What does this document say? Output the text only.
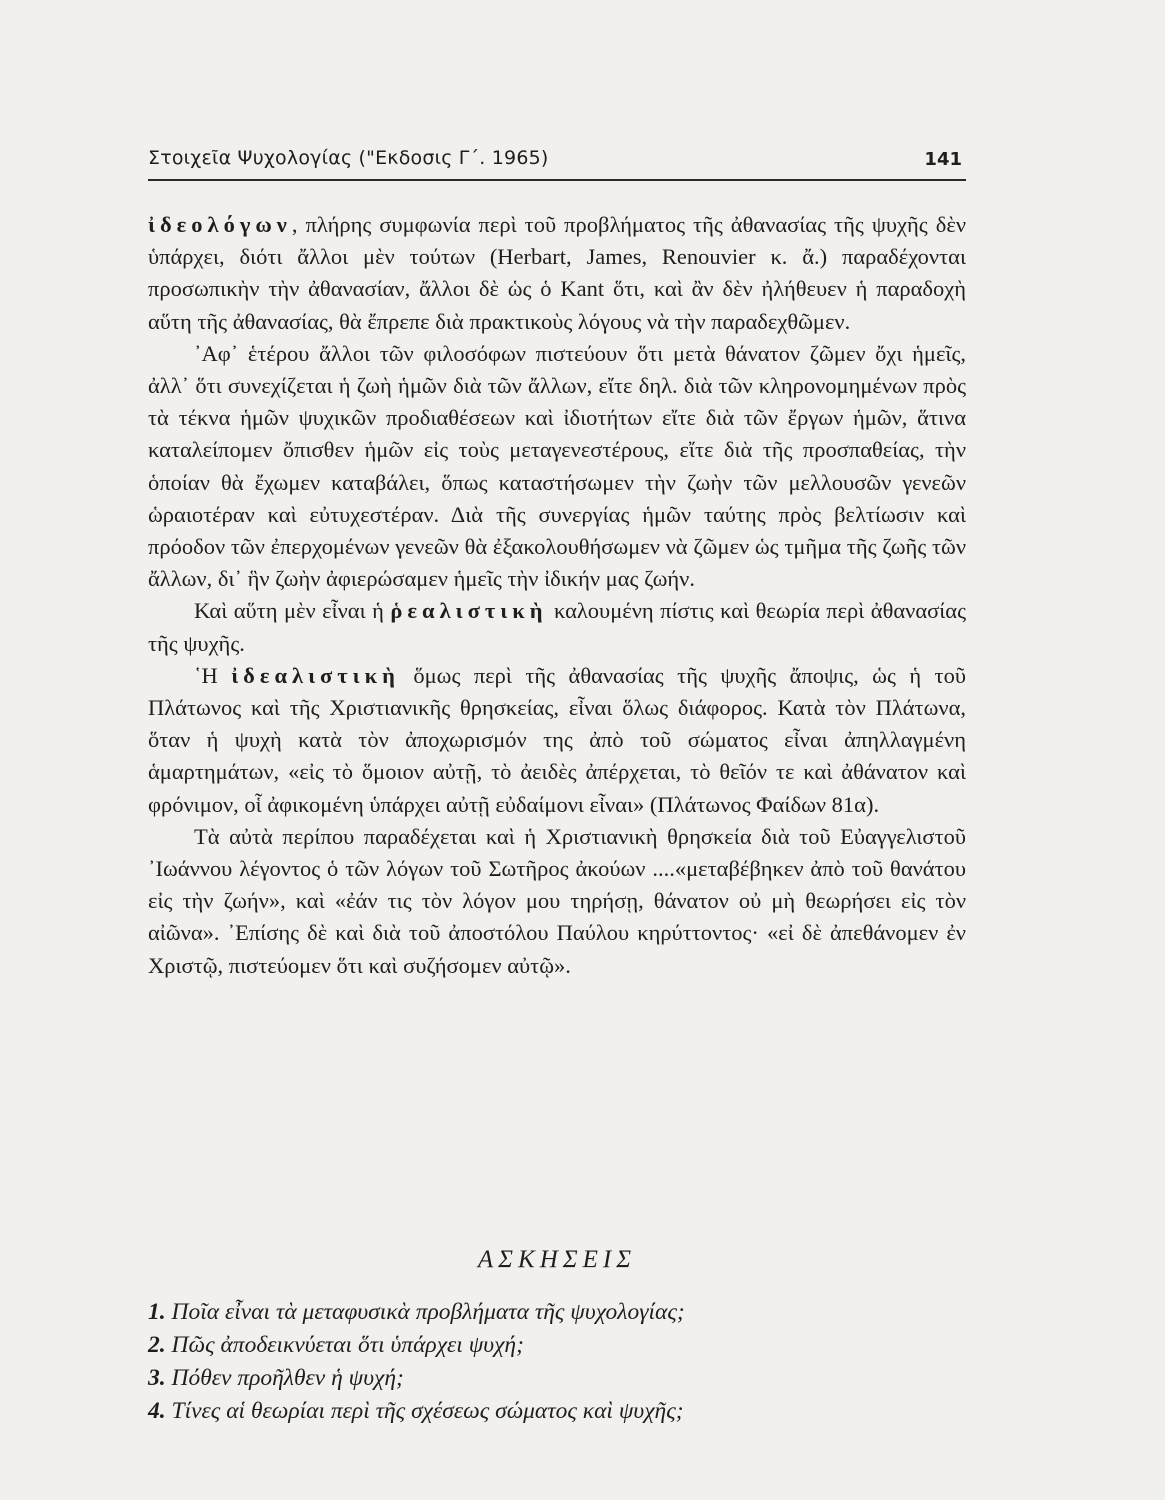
Στοιχεῖα Ψυχολογίας ("Εκδοσις Γ΄. 1965)	141

ἰδεολόγων, πλήρης συμφωνία περὶ τοῦ προβλήματος τῆς ἀθανασίας τῆς ψυχῆς δὲν ὑπάρχει, διότι ἄλλοι μὲν τούτων (Herbart, James, Renouvier κ. ἄ.) παραδέχονται προσωπικὴν τὴν ἀθανασίαν, ἄλλοι δὲ ὡς ὁ Kant ὅτι, καὶ ἂν δὲν ἠλήθευεν ἡ παραδοχὴ αὕτη τῆς ἀθανασίας, θὰ ἔπρεπε διὰ πρακτικοὺς λόγους νὰ τὴν παραδεχθῶμεν.

᾿Αφ᾿ ἑτέρου ἄλλοι τῶν φιλοσόφων πιστεύουν ὅτι μετὰ θάνατον ζῶμεν ὄχι ἡμεῖς, ἀλλ᾿ ὅτι συνεχίζεται ἡ ζωὴ ἡμῶν διὰ τῶν ἄλλων, εἴτε δηλ. διὰ τῶν κληρονομημένων πρὸς τὰ τέκνα ἡμῶν ψυχικῶν προδιαθέσεων καὶ ἰδιοτήτων εἴτε διὰ τῶν ἔργων ἡμῶν, ἅτινα καταλείπομεν ὄπισθεν ἡμῶν εἰς τοὺς μεταγενεστέρους, εἴτε διὰ τῆς προσπαθείας, τὴν ὁποίαν θὰ ἔχωμεν καταβάλει, ὅπως καταστήσωμεν τὴν ζωὴν τῶν μελλουσῶν γενεῶν ὡραιοτέραν καὶ εὐτυχεστέραν. Διὰ τῆς συνεργίας ἡμῶν ταύτης πρὸς βελτίωσιν καὶ πρόοδον τῶν ἐπερχομένων γενεῶν θὰ ἐξακολουθήσωμεν νὰ ζῶμεν ὡς τμῆμα τῆς ζωῆς τῶν ἄλλων, δι᾿ ἣν ζωὴν ἀφιερώσαμεν ἡμεῖς τὴν ἰδικήν μας ζωήν.

Καὶ αὕτη μὲν εἶναι ἡ ῥεαλιστικὴ καλουμένη πίστις καὶ θεωρία περὶ ἀθανασίας τῆς ψυχῆς.

῾Η ἰδεαλιστικὴ ὅμως περὶ τῆς ἀθανασίας τῆς ψυχῆς ἄποψις, ὡς ἡ τοῦ Πλάτωνος καὶ τῆς Χριστιανικῆς θρησκείας, εἶναι ὅλως διάφορος. Κατὰ τὸν Πλάτωνα, ὅταν ἡ ψυχὴ κατὰ τὸν ἀποχωρισμόν της ἀπὸ τοῦ σώματος εἶναι ἀπηλλαγμένη ἁμαρτημάτων, «εἰς τὸ ὅμοιον αὐτῇ, τὸ ἀειδὲς ἀπέρχεται, τὸ θεῖόν τε καὶ ἀθάνατον καὶ φρόνιμον, οἷ ἀφικομένη ὑπάρχει αὐτῇ εὐδαίμονι εἶναι» (Πλάτωνος Φαίδων 81α).

Τὰ αὐτὰ περίπου παραδέχεται καὶ ἡ Χριστιανικὴ θρησκεία διὰ τοῦ Εὐαγγελιστοῦ ᾿Ιωάννου λέγοντος ὁ τῶν λόγων τοῦ Σωτῆρος ἀκούων ....«μεταβέβηκεν ἀπὸ τοῦ θανάτου εἰς τὴν ζωήν», καὶ «ἐάν τις τὸν λόγον μου τηρήσῃ, θάνατον οὐ μὴ θεωρήσει εἰς τὸν αἰῶνα». ᾿Επίσης δὲ καὶ διὰ τοῦ ἀποστόλου Παύλου κηρύττοντος· «εἰ δὲ ἀπεθάνομεν ἐν Χριστῷ, πιστεύομεν ὅτι καὶ συζήσομεν αὐτῷ».

ΑΣΚΗΣΕΙΣ
1. Ποῖα εἶναι τὰ μεταφυσικὰ προβλήματα τῆς ψυχολογίας;
2. Πῶς ἀποδεικνύεται ὅτι ὑπάρχει ψυχή;
3. Πόθεν προῆλθεν ἡ ψυχή;
4. Τίνες αἱ θεωρίαι περὶ τῆς σχέσεως σώματος καὶ ψυχῆς;
